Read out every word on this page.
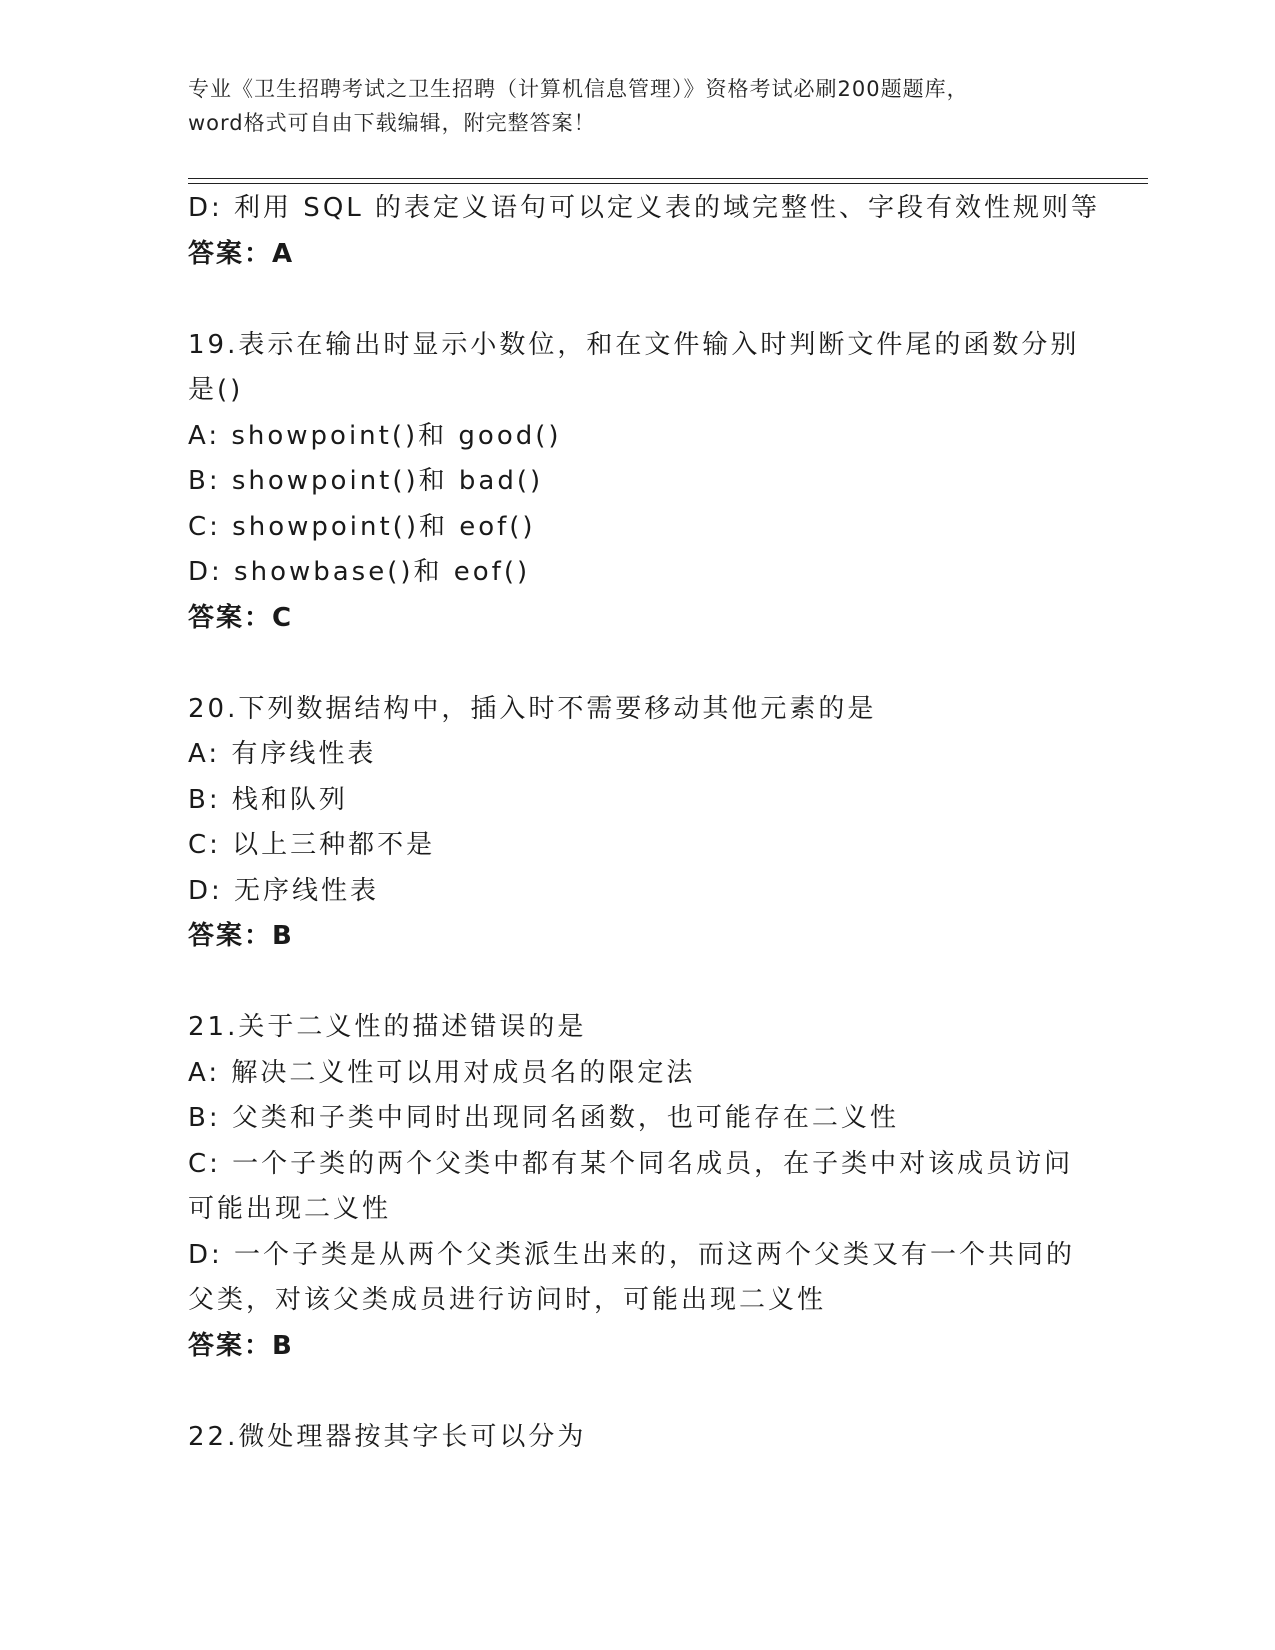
专业《卫生招聘考试之卫生招聘（计算机信息管理）》资格考试必刷200题题库，
word格式可自由下载编辑，附完整答案！
D: 利用 SQL 的表定义语句可以定义表的域完整性、字段有效性规则等
答案：A
19.表示在输出时显示小数位，和在文件输入时判断文件尾的函数分别
是()
A: showpoint()和 good()
B: showpoint()和 bad()
C: showpoint()和 eof()
D: showbase()和 eof()
答案：C
20.下列数据结构中，插入时不需要移动其他元素的是
A: 有序线性表
B: 栈和队列
C: 以上三种都不是
D: 无序线性表
答案：B
21.关于二义性的描述错误的是
A: 解决二义性可以用对成员名的限定法
B: 父类和子类中同时出现同名函数，也可能存在二义性
C: 一个子类的两个父类中都有某个同名成员，在子类中对该成员访问
可能出现二义性
D: 一个子类是从两个父类派生出来的，而这两个父类又有一个共同的
父类，对该父类成员进行访问时，可能出现二义性
答案：B
22.微处理器按其字长可以分为
